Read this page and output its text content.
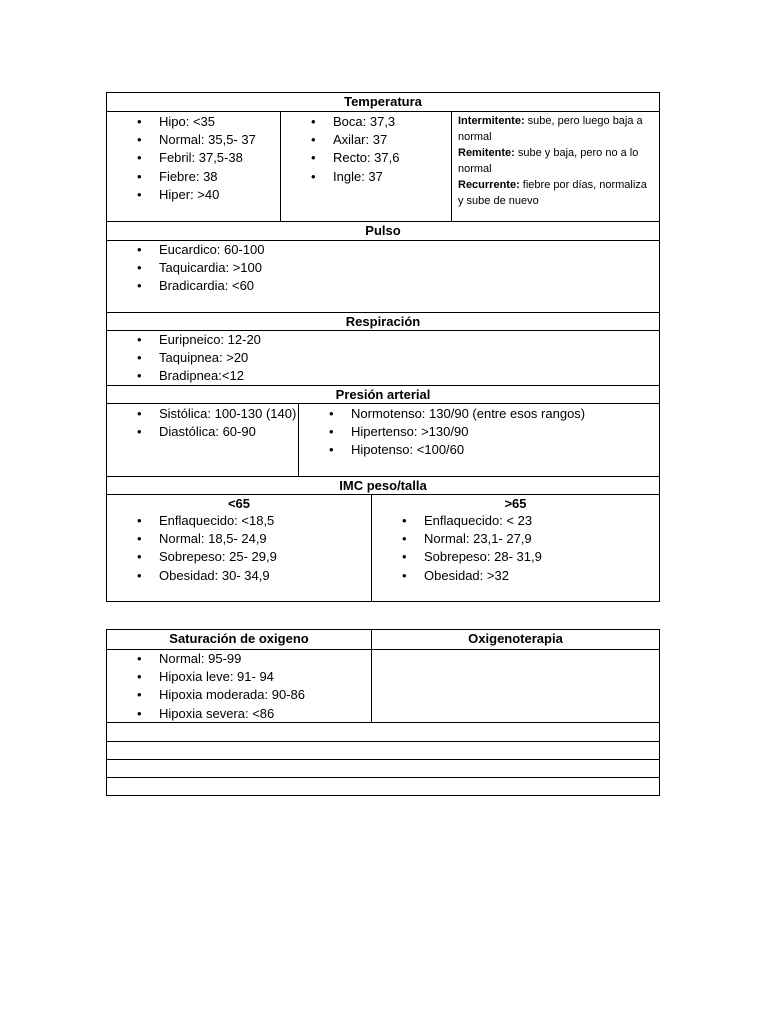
Temperatura
• Hipo: <35
• Normal: 35,5- 37
• Febril: 37,5-38
• Fiebre: 38
• Hiper: >40
• Boca: 37,3
• Axilar: 37
• Recto: 37,6
• Ingle: 37
Intermitente: sube, pero luego baja a normal
Remitente: sube y baja, pero no a lo normal
Recurrente: fiebre por días, normaliza y sube de nuevo
Pulso
• Eucardico: 60-100
• Taquicardia: >100
• Bradicardia: <60
Respiración
• Euripneico: 12-20
• Taquipnea: >20
• Bradipnea:<12
Presión arterial
• Sistólica: 100-130 (140)
• Diastólica: 60-90
• Normotenso: 130/90 (entre esos rangos)
• Hipertenso: >130/90
• Hipotenso: <100/60
IMC peso/talla
<65
• Enflaquecido: <18,5
• Normal: 18,5- 24,9
• Sobrepeso: 25- 29,9
• Obesidad: 30- 34,9
>65
• Enflaquecido: < 23
• Normal: 23,1- 27,9
• Sobrepeso: 28- 31,9
• Obesidad: >32
Saturación de oxigeno	Oxigenoterapia
• Normal: 95-99
• Hipoxia leve: 91- 94
• Hipoxia moderada: 90-86
• Hipoxia severa: <86
